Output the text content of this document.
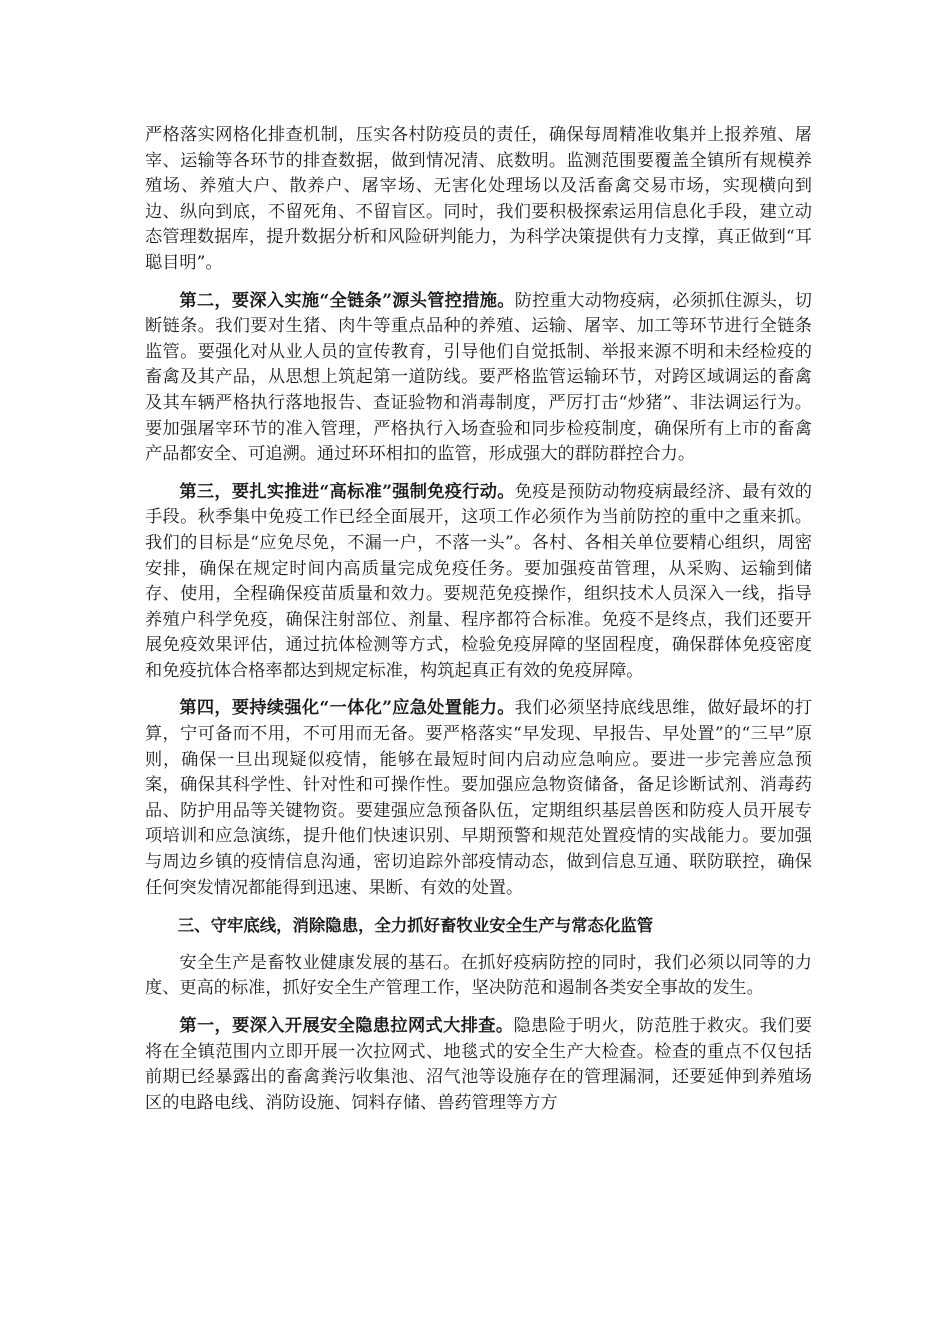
严格落实网格化排查机制，压实各村防疫员的责任，确保每周精准收集并上报养殖、屠宰、运输等各环节的排查数据，做到情况清、底数明。监测范围要覆盖全镇所有规模养殖场、养殖大户、散养户、屠宰场、无害化处理场以及活畜禽交易市场，实现横向到边、纵向到底，不留死角、不留盲区。同时，我们要积极探索运用信息化手段，建立动态管理数据库，提升数据分析和风险研判能力，为科学决策提供有力支撑，真正做到“耳聪目明”。

第二，要深入实施“全链条”源头管控措施。防控重大动物疫病，必须抓住源头，切断链条。我们要对生猪、肉牛等重点品种的养殖、运输、屠宰、加工等环节进行全链条监管。要强化对从业人员的宣传教育，引导他们自觉抵制、举报来源不明和未经检疫的畜禽及其产品，从思想上筑起第一道防线。要严格监管运输环节，对跨区域调运的畜禽及其车辆严格执行落地报告、查证验物和消毒制度，严厉打击“炒猪”、非法调运行为。要加强屠宰环节的准入管理，严格执行入场查验和同步检疫制度，确保所有上市的畜禽产品都安全、可追溯。通过环环相扣的监管，形成强大的群防群控合力。

第三，要扎实推进“高标准”强制免疫行动。免疫是预防动物疫病最经济、最有效的手段。秋季集中免疫工作已经全面展开，这项工作必须作为当前防控的重中之重来抓。我们的目标是“应免尽免，不漏一户，不落一头”。各村、各相关单位要精心组织，周密安排，确保在规定时间内高质量完成免疫任务。要加强疫苗管理，从采购、运输到储存、使用，全程确保疫苗质量和效力。要规范免疫操作，组织技术人员深入一线，指导养殖户科学免疫，确保注射部位、剂量、程序都符合标准。免疫不是终点，我们还要开展免疫效果评估，通过抗体检测等方式，检验免疫屏障的坚固程度，确保群体免疫密度和免疫抗体合格率都达到规定标准，构筑起真正有效的免疫屏障。

第四，要持续强化“一体化”应急处置能力。我们必须坚持底线思维，做好最坏的打算，宁可备而不用，不可用而无备。要严格落实“早发现、早报告、早处置”的“三早”原则，确保一旦出现疑似疫情，能够在最短时间内启动应急响应。要进一步完善应急预案，确保其科学性、针对性和可操作性。要加强应急物资储备，备足诊断试剂、消毒药品、防护用品等关键物资。要建强应急预备队伍，定期组织基层兽医和防疫人员开展专项培训和应急演练，提升他们快速识别、早期预警和规范处置疫情的实战能力。要加强与周边乡镇的疫情信息沟通，密切追踪外部疫情动态，做到信息互通、联防联控，确保任何突发情况都能得到迅速、果断、有效的处置。

三、守牢底线，消除隐患，全力抓好畜牧业安全生产与常态化监管

安全生产是畜牧业健康发展的基石。在抓好疫病防控的同时，我们必须以同等的力度、更高的标准，抓好安全生产管理工作，坚决防范和遏制各类安全事故的发生。

第一，要深入开展安全隐患拉网式大排查。隐患险于明火，防范胜于救灾。我们要将在全镇范围内立即开展一次拉网式、地毯式的安全生产大检查。检查的重点不仅包括前期已经暴露出的畜禽粪污收集池、沼气池等设施存在的管理漏洞，还要延伸到养殖场区的电路电线、消防设施、饲料存储、兽药管理等方方
